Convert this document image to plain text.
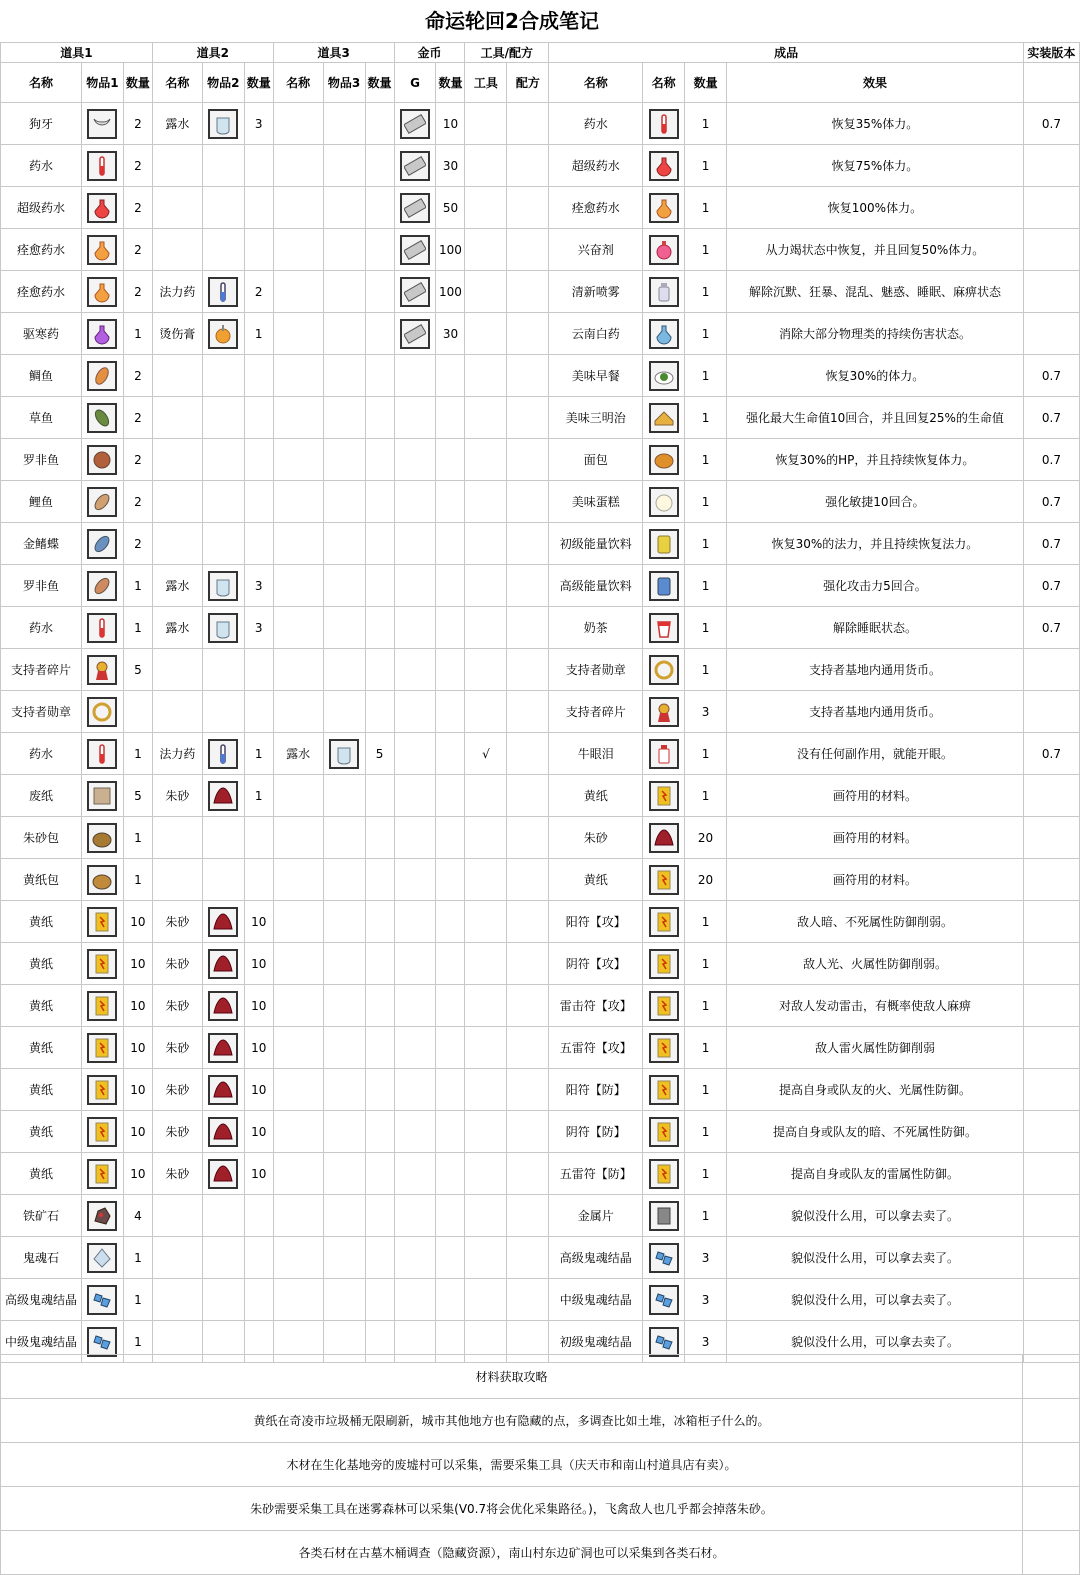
命运轮回2合成笔记
道具1			道具2			道具3			金币		工具/配方		成品				实装版本
名称	物品1	数量	名称	物品2	数量	名称	物品3	数量	G	数量	工具	配方	名称	名称	数量	效果	
狗牙		2	露水		3					10			药水		1	恢复35%体力。	0.7
药水		2								30			超级药水		1	恢复75%体力。	
超级药水		2								50			痊愈药水		1	恢复100%体力。	
痊愈药水		2								100			兴奋剂		1	从力竭状态中恢复，并且回复50%体力。	
痊愈药水		2	法力药		2					100			清新喷雾		1	解除沉默、狂暴、混乱、魅惑、睡眠、麻痹状态	
驱寒药		1	烫伤膏		1					30			云南白药		1	消除大部分物理类的持续伤害状态。	
鲷鱼		2											美味早餐		1	恢复30%的体力。	0.7
草鱼		2											美味三明治		1	强化最大生命值10回合，并且回复25%的生命值	0.7
罗非鱼		2											面包		1	恢复30%的HP，并且持续恢复体力。	0.7
鲤鱼		2											美味蛋糕		1	强化敏捷10回合。	0.7
金鳍蝶		2											初级能量饮料		1	恢复30%的法力，并且持续恢复法力。	0.7
罗非鱼		1	露水		3								高级能量饮料		1	强化攻击力5回合。	0.7
药水		1	露水		3								奶茶		1	解除睡眠状态。	0.7
支持者碎片		5											支持者勋章		1	支持者基地内通用货币。	
支持者勋章													支持者碎片		3	支持者基地内通用货币。	
药水		1	法力药		1	露水		5			√		牛眼泪		1	没有任何副作用，就能开眼。	0.7
废纸		5	朱砂		1								黄纸		1	画符用的材料。	
朱砂包		1											朱砂		20	画符用的材料。	
黄纸包		1											黄纸		20	画符用的材料。	
黄纸		10	朱砂		10								阳符【攻】		1	敌人暗、不死属性防御削弱。	
黄纸		10	朱砂		10								阴符【攻】		1	敌人光、火属性防御削弱。	
黄纸		10	朱砂		10								雷击符【攻】		1	对敌人发动雷击，有概率使敌人麻痹	
黄纸		10	朱砂		10								五雷符【攻】		1	敌人雷火属性防御削弱	
黄纸		10	朱砂		10								阳符【防】		1	提高自身或队友的火、光属性防御。	
黄纸		10	朱砂		10								阴符【防】		1	提高自身或队友的暗、不死属性防御。	
黄纸		10	朱砂		10								五雷符【防】		1	提高自身或队友的雷属性防御。	
铁矿石		4											金属片		1	貌似没什么用，可以拿去卖了。	
鬼魂石		1											高级鬼魂结晶		3	貌似没什么用，可以拿去卖了。	
高级鬼魂结晶		1											中级鬼魂结晶		3	貌似没什么用，可以拿去卖了。	
中级鬼魂结晶		1											初级鬼魂结晶		3	貌似没什么用，可以拿去卖了。	
材料获取攻略	
黄纸在奇凌市垃圾桶无限刷新，城市其他地方也有隐藏的点，多调查比如土堆，冰箱柜子什么的。	
木材在生化基地旁的废墟村可以采集，需要采集工具（庆天市和南山村道具店有卖）。	
朱砂需要采集工具在迷雾森林可以采集(V0.7将会优化采集路径。)，飞禽敌人也几乎都会掉落朱砂。	
各类石材在古墓木桶调查（隐藏资源），南山村东边矿洞也可以采集到各类石材。	
